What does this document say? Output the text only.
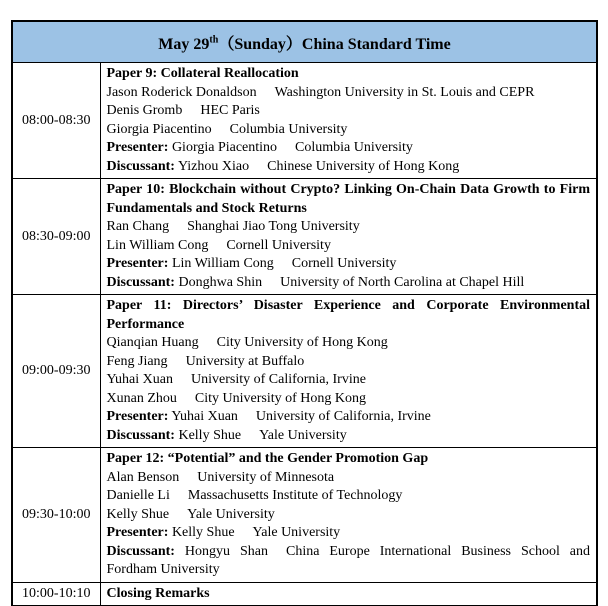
May 29th（Sunday）China Standard Time	
08:00-08:30	
Paper 9: Collateral Reallocation
Jason Roderick Donaldson Washington University in St. Louis and CEPR
Denis Gromb HEC Paris
Giorgia Piacentino Columbia University
Presenter: Giorgia Piacentino Columbia University
Discussant: Yizhou Xiao Chinese University of Hong Kong

08:30-09:00	Paper 10: Blockchain without Crypto? Linking On-Chain Data Growth to Firm Fundamentals and Stock Returns
Ran Chang Shanghai Jiao Tong University
Lin William Cong Cornell University
Presenter: Lin William Cong Cornell University
Discussant: Donghwa Shin University of North Carolina at Chapel Hill

09:00-09:30	
Paper 11: Directors’ Disaster Experience and Corporate Environmental Performance
Qianqian Huang City University of Hong Kong
Feng Jiang University at Buffalo
Yuhai Xuan University of California, Irvine
Xunan Zhou City University of Hong Kong
Presenter: Yuhai Xuan University of California, Irvine
Discussant: Kelly Shue Yale University

09:30-10:00	
Paper 12: “Potential” and the Gender Promotion Gap
Alan Benson University of Minnesota
Danielle Li Massachusetts Institute of Technology
Kelly Shue Yale University
Presenter: Kelly Shue Yale University
Discussant: Hongyu Shan China Europe International Business School and Fordham University

10:00-10:10	Closing Remarks
